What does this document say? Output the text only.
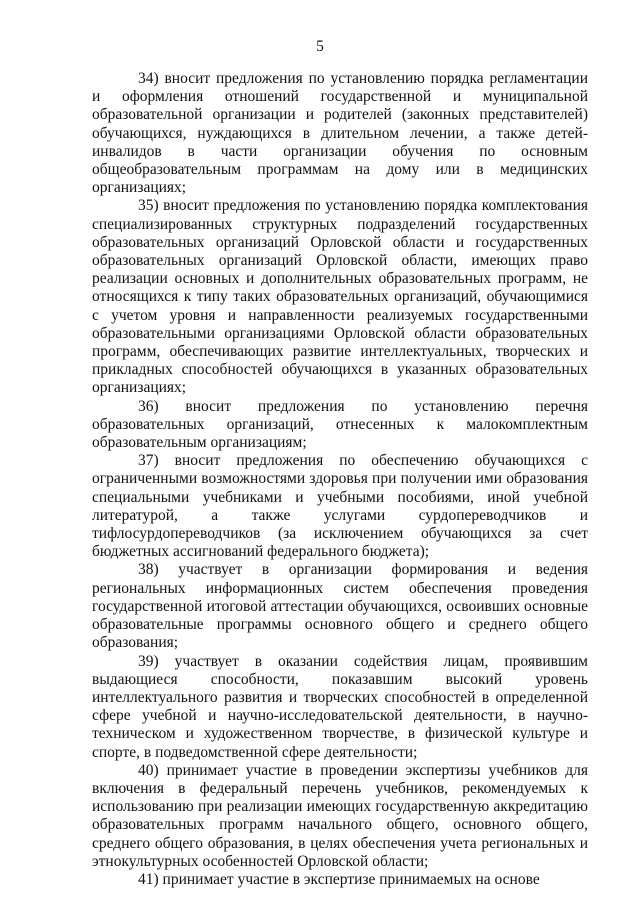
5

34) вносит предложения по установлению порядка регламентации и оформления отношений государственной и муниципальной образовательной организации и родителей (законных представителей) обучающихся, нуждающихся в длительном лечении, а также детей-инвалидов в части организации обучения по основным общеобразовательным программам на дому или в медицинских организациях;

35) вносит предложения по установлению порядка комплектования специализированных структурных подразделений государственных образовательных организаций Орловской области и государственных образовательных организаций Орловской области, имеющих право реализации основных и дополнительных образовательных программ, не относящихся к типу таких образовательных организаций, обучающимися с учетом уровня и направленности реализуемых государственными образовательными организациями Орловской области образовательных программ, обеспечивающих развитие интеллектуальных, творческих и прикладных способностей обучающихся в указанных образовательных организациях;

36) вносит предложения по установлению перечня образовательных организаций, отнесенных к малокомплектным образовательным организациям;

37) вносит предложения по обеспечению обучающихся с ограниченными возможностями здоровья при получении ими образования специальными учебниками и учебными пособиями, иной учебной литературой, а также услугами сурдопереводчиков и тифлосурдопереводчиков (за исключением обучающихся за счет бюджетных ассигнований федерального бюджета);

38) участвует в организации формирования и ведения региональных информационных систем обеспечения проведения государственной итоговой аттестации обучающихся, освоивших основные образовательные программы основного общего и среднего общего образования;

39) участвует в оказании содействия лицам, проявившим выдающиеся способности, показавшим высокий уровень интеллектуального развития и творческих способностей в определенной сфере учебной и научно-исследовательской деятельности, в научно-техническом и художественном творчестве, в физической культуре и спорте, в подведомственной сфере деятельности;

40) принимает участие в проведении экспертизы учебников для включения в федеральный перечень учебников, рекомендуемых к использованию при реализации имеющих государственную аккредитацию образовательных программ начального общего, основного общего, среднего общего образования, в целях обеспечения учета региональных и этнокультурных особенностей Орловской области;

41) принимает участие в экспертизе принимаемых на основе
